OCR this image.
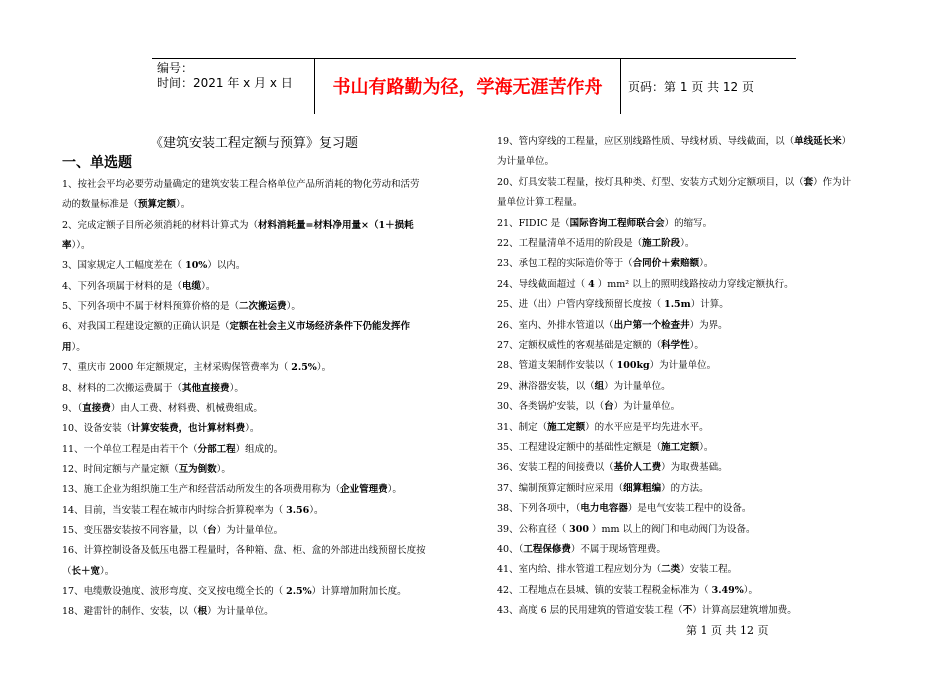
编号：
时间：2021 年 x 月 x 日	书山有路勤为径，学海无涯苦作舟	页码：第 1 页 共 12 页
《建筑安装工程定额与预算》复习题
一、单选题
1、按社会平均必要劳动量确定的建筑安装工程合格单位产品所消耗的物化劳动和活劳
动的数量标准是（预算定额）。
2、完成定额子目所必须消耗的材料计算式为（材料消耗量=材料净用量×（1＋损耗
率））。
3、国家规定人工幅度差在（ 10%）以内。
4、下列各项属于材料的是（电缆）。
5、下列各项中不属于材料预算价格的是（二次搬运费）。
6、对我国工程建设定额的正确认识是（定额在社会主义市场经济条件下仍能发挥作
用）。
7、重庆市 2000 年定额规定，主材采购保管费率为（ 2.5%）。
8、材料的二次搬运费属于（其他直接费）。
9、（直接费）由人工费、材料费、机械费组成。
10、设备安装（计算安装费，也计算材料费）。
11、一个单位工程是由若干个（分部工程）组成的。
12、时间定额与产量定额（互为倒数）。
13、施工企业为组织施工生产和经营活动所发生的各项费用称为（企业管理费）。
14、目前，当安装工程在城市内时综合折算税率为（ 3.56）。
15、变压器安装按不同容量，以（台）为计量单位。
16、计算控制设备及低压电器工程量时，各种箱、盘、柜、盒的外部进出线预留长度按
（长＋宽）。
17、电缆敷设弛度、波形弯度、交叉按电缆全长的（ 2.5%）计算增加附加长度。
18、避雷针的制作、安装，以（根）为计量单位。
19、管内穿线的工程量，应区别线路性质、导线材质、导线截面，以（单线延长米）
为计量单位。
20、灯具安装工程量，按灯具种类、灯型、安装方式划分定额项目，以（套）作为计
量单位计算工程量。
21、FIDIC 是（国际咨询工程师联合会）的缩写。
22、工程量清单不适用的阶段是（施工阶段）。
23、承包工程的实际造价等于（合同价＋索赔额）。
24、导线截面超过（ 4 ）mm² 以上的照明线路按动力穿线定额执行。
25、进（出）户管内穿线预留长度按（ 1.5m）计算。
26、室内、外排水管道以（出户第一个检查井）为界。
27、定额权威性的客观基础是定额的（科学性）。
28、管道支架制作安装以（ 100kg）为计量单位。
29、淋浴器安装，以（组）为计量单位。
30、各类锅炉安装，以（台）为计量单位。
31、制定（施工定额）的水平应是平均先进水平。
35、工程建设定额中的基础性定额是（施工定额）。
36、安装工程的间接费以（基价人工费）为取费基础。
37、编制预算定额时应采用（细算粗编）的方法。
38、下列各项中，（电力电容器）是电气安装工程中的设备。
39、公称直径（ 300 ）mm 以上的阀门和电动阀门为设备。
40、（工程保修费）不属于现场管理费。
41、室内给、排水管道工程应划分为（二类）安装工程。
42、工程地点在县城、镇的安装工程税金标准为（ 3.49%）。
43、高度 6 层的民用建筑的管道安装工程（不）计算高层建筑增加费。
第 1 页 共 12 页
